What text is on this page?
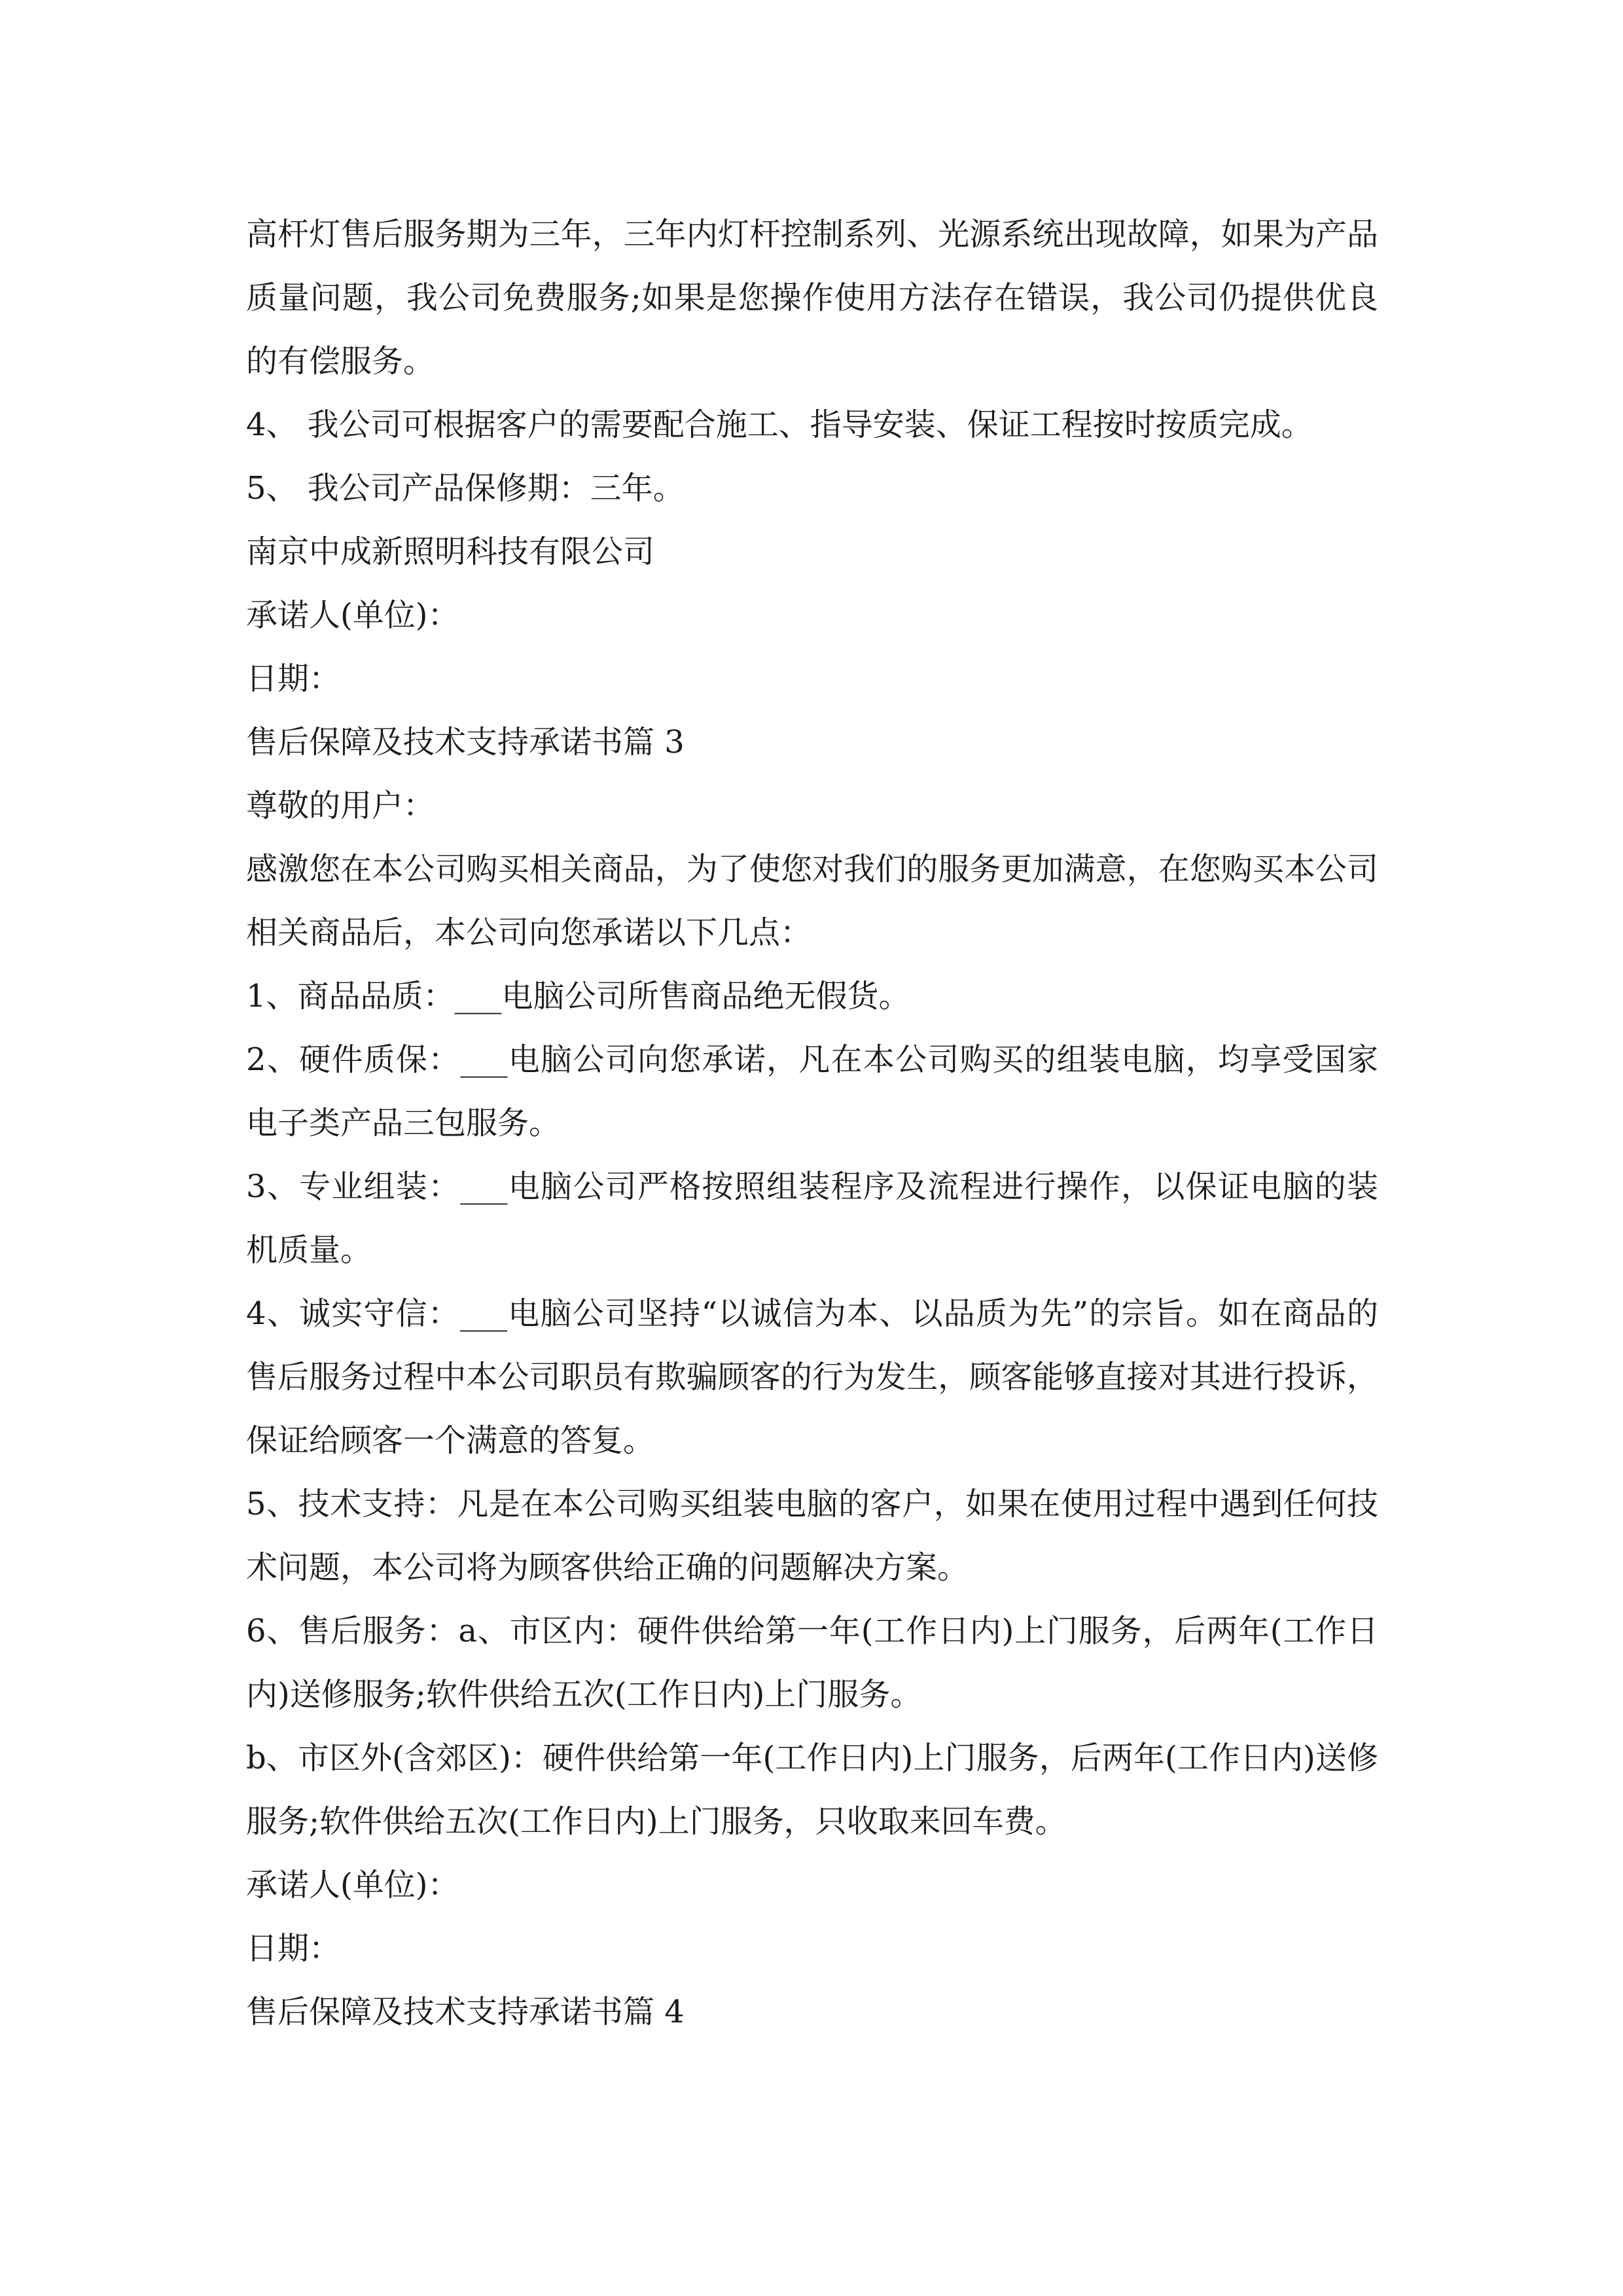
高杆灯售后服务期为三年，三年内灯杆控制系列、光源系统出现故障，如果为产品质量问题，我公司免费服务;如果是您操作使用方法存在错误，我公司仍提供优良的有偿服务。

4、 我公司可根据客户的需要配合施工、指导安装、保证工程按时按质完成。

5、 我公司产品保修期：三年。

南京中成新照明科技有限公司

承诺人(单位)：

日期：

售后保障及技术支持承诺书篇 3

尊敬的用户：

感激您在本公司购买相关商品，为了使您对我们的服务更加满意，在您购买本公司相关商品后，本公司向您承诺以下几点：

1、商品品质：___电脑公司所售商品绝无假货。

2、硬件质保：___电脑公司向您承诺，凡在本公司购买的组装电脑，均享受国家电子类产品三包服务。

3、专业组装：___电脑公司严格按照组装程序及流程进行操作，以保证电脑的装机质量。

4、诚实守信：___电脑公司坚持“以诚信为本、以品质为先”的宗旨。如在商品的售后服务过程中本公司职员有欺骗顾客的行为发生，顾客能够直接对其进行投诉，保证给顾客一个满意的答复。

5、技术支持：凡是在本公司购买组装电脑的客户，如果在使用过程中遇到任何技术问题，本公司将为顾客供给正确的问题解决方案。

6、售后服务：a、市区内：硬件供给第一年(工作日内)上门服务，后两年(工作日内)送修服务;软件供给五次(工作日内)上门服务。

b、市区外(含郊区)：硬件供给第一年(工作日内)上门服务，后两年(工作日内)送修服务;软件供给五次(工作日内)上门服务，只收取来回车费。

承诺人(单位)：

日期：

售后保障及技术支持承诺书篇 4
